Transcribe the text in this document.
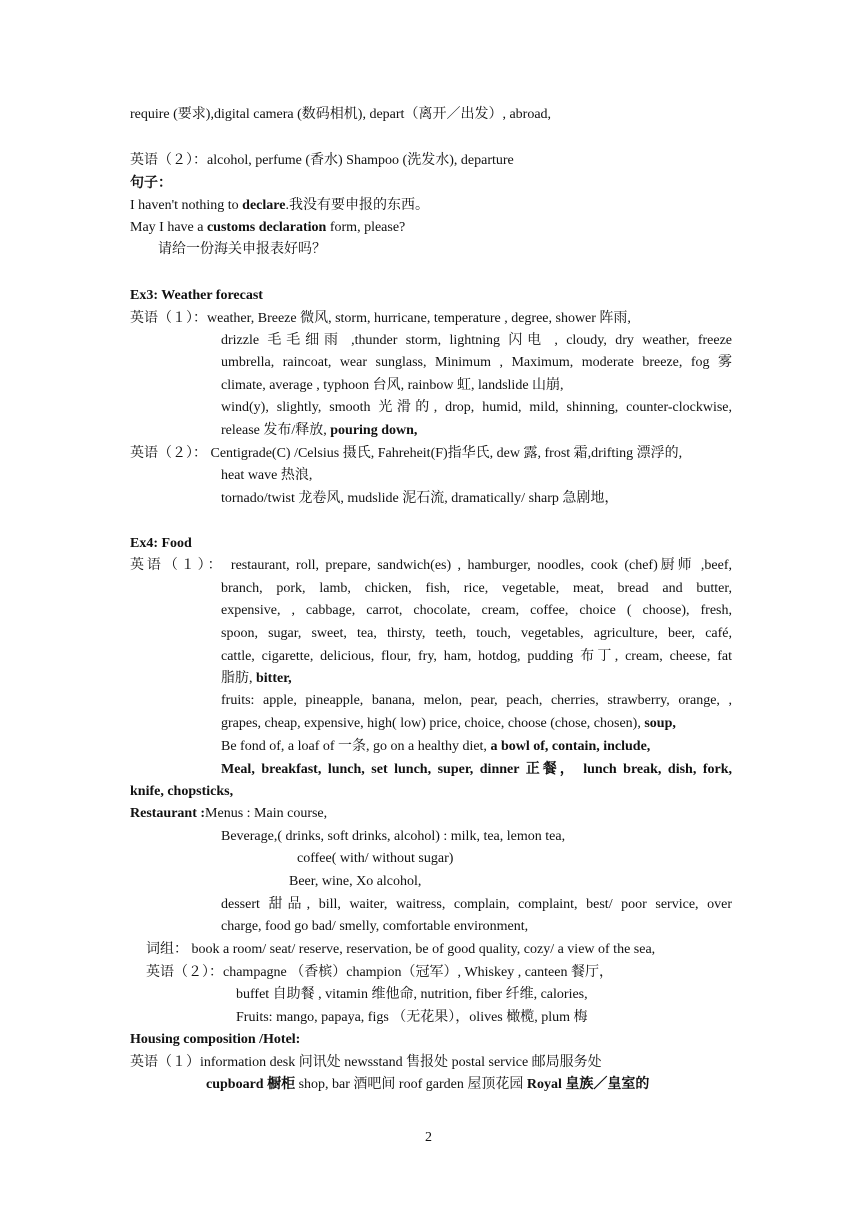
require (要求),digital camera (数码相机), depart（离开／出发）, abroad,
英语（２）：alcohol, perfume (香水) Shampoo (洗发水), departure
句子：
I haven't nothing to declare.我没有要申报的东西。
May I have a customs declaration form, please?
请给一份海关申报表好吗？
Ex3: Weather forecast
英语（１）：weather, Breeze 微风, storm, hurricane, temperature , degree, shower 阵雨,
drizzle 毛毛细雨 ,thunder storm, lightning 闪电 , cloudy, dry weather, freeze
umbrella, raincoat, wear sunglass, Minimum , Maximum, moderate breeze, fog 雾
climate, average , typhoon 台风, rainbow 虹, landslide 山崩,
wind(y), slightly, smooth 光滑的, drop, humid, mild, shinning, counter-clockwise,
release 发布/释放, pouring down,
英语（２）： Centigrade(C) /Celsius 摄氏, Fahreheit(F)指华氏, dew 露, frost 霜,drifting 漂浮的,
heat wave 热浪,
tornado/twist 龙卷风, mudslide 泥石流, dramatically/ sharp 急剧地，
Ex4: Food
英语（１）： restaurant, roll, prepare, sandwich(es) , hamburger, noodles, cook (chef)厨师 ,beef,
branch, pork, lamb, chicken, fish, rice, vegetable, meat, bread and butter,
expensive, , cabbage, carrot, chocolate, cream, coffee, choice ( choose), fresh,
spoon, sugar, sweet, tea, thirsty, teeth, touch, vegetables, agriculture, beer, café,
cattle, cigarette, delicious, flour, fry, ham, hotdog, pudding 布丁, cream, cheese, fat
脂肪, bitter,
fruits: apple, pineapple, banana, melon, pear, peach, cherries, strawberry, orange, ,
grapes, cheap, expensive, high( low) price, choice, choose (chose, chosen), soup,
Be fond of, a loaf of 一条, go on a healthy diet, a bowl of, contain, include,
Meal, breakfast, lunch, set lunch, super, dinner 正餐， lunch break, dish, fork,
knife, chopsticks,
Restaurant :Menus : Main course,
Beverage,( drinks, soft drinks, alcohol) : milk, tea, lemon tea,
coffee( with/ without sugar)
Beer, wine, Xo alcohol,
dessert 甜品, bill, waiter, waitress, complain, complaint, best/ poor service, over
charge, food go bad/ smelly, comfortable environment,
词组： book a room/ seat/ reserve, reservation, be of good quality, cozy/ a view of the sea,
英语（２）：champagne （香槟）champion（冠军）, Whiskey , canteen 餐厅，
buffet 自助餐 , vitamin 维他命, nutrition, fiber 纤维, calories,
Fruits: mango, papaya, figs （无花果），olives 橄榄, plum 梅
Housing composition /Hotel:
英语（１）information desk 问讯处 newsstand 售报处 postal service 邮局服务处
cupboard 橱柜 shop, bar 酒吧间 roof garden 屋顶花园 Royal 皇族／皇室的
2
